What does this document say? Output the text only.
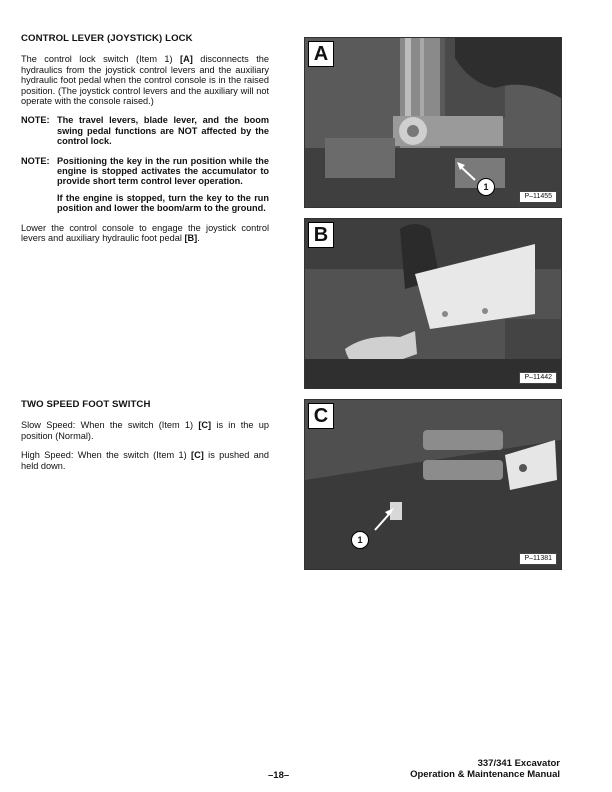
CONTROL LEVER (JOYSTICK) LOCK

The control lock switch (Item 1) [A] disconnects the hydraulics from the joystick control levers and the auxiliary hydraulic foot pedal when the control console is in the raised position. (The joystick control levers and the auxiliary will not operate with the console raised.)

NOTE: The travel levers, blade lever, and the boom swing pedal functions are NOT affected by the control lock.
NOTE: Positioning the key in the run position while the engine is stopped activates the accumulator to provide short term control lever operation.
If the engine is stopped, turn the key to the run position and lower the boom/arm to the ground.

Lower the control console to engage the joystick control levers and auxiliary hydraulic foot pedal [B].

TWO SPEED FOOT SWITCH

Slow Speed: When the switch (Item 1) [C] is in the up position (Normal).

High Speed: When the switch (Item 1) [C] is pushed and held down.

A
1
P–11455
B
P–11442
C
1
P–11381
–18–
337/341 Excavator
Operation & Maintenance Manual
